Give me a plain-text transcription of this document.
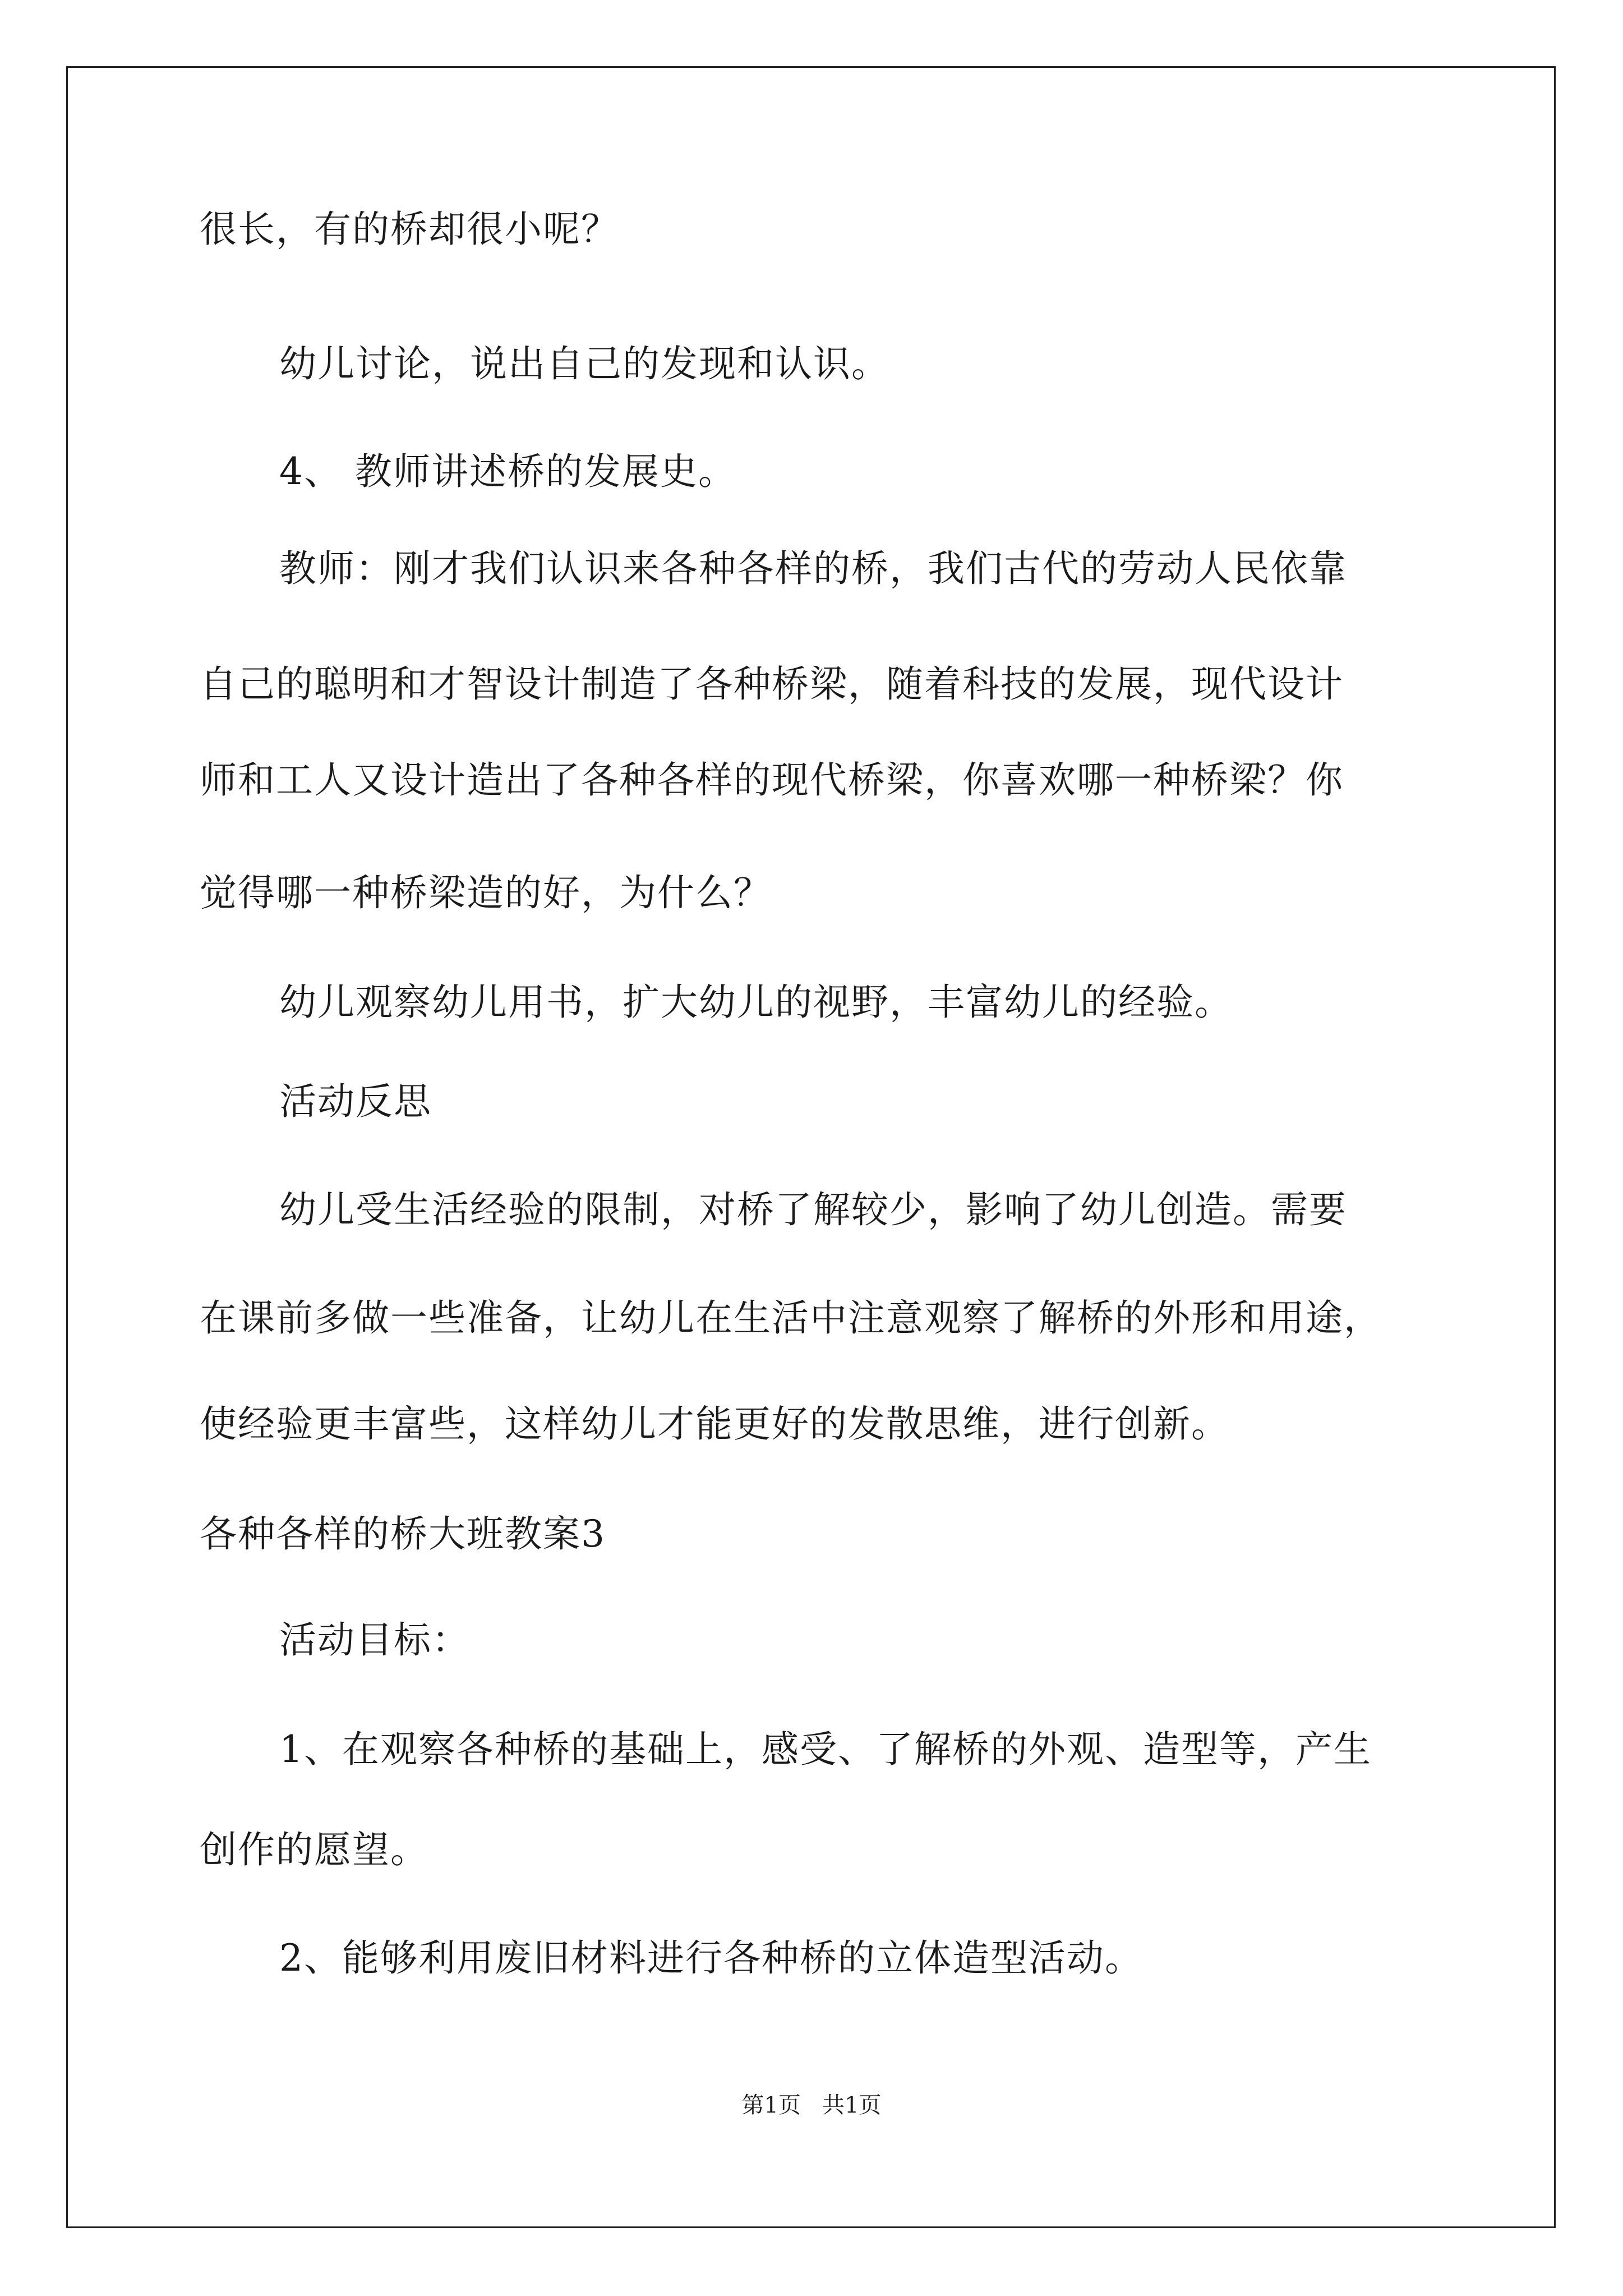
很长，有的桥却很小呢？
幼儿讨论，说出自己的发现和认识。
4、 教师讲述桥的发展史。
教师：刚才我们认识来各种各样的桥，我们古代的劳动人民依靠
自己的聪明和才智设计制造了各种桥梁，随着科技的发展，现代设计
师和工人又设计造出了各种各样的现代桥梁，你喜欢哪一种桥梁？你
觉得哪一种桥梁造的好，为什么？
幼儿观察幼儿用书，扩大幼儿的视野，丰富幼儿的经验。
活动反思
幼儿受生活经验的限制，对桥了解较少，影响了幼儿创造。需要
在课前多做一些准备，让幼儿在生活中注意观察了解桥的外形和用途，
使经验更丰富些，这样幼儿才能更好的发散思维，进行创新。
各种各样的桥大班教案3
活动目标：
1、在观察各种桥的基础上，感受、了解桥的外观、造型等，产生
创作的愿望。
2、能够利用废旧材料进行各种桥的立体造型活动。
第1页 共1页
